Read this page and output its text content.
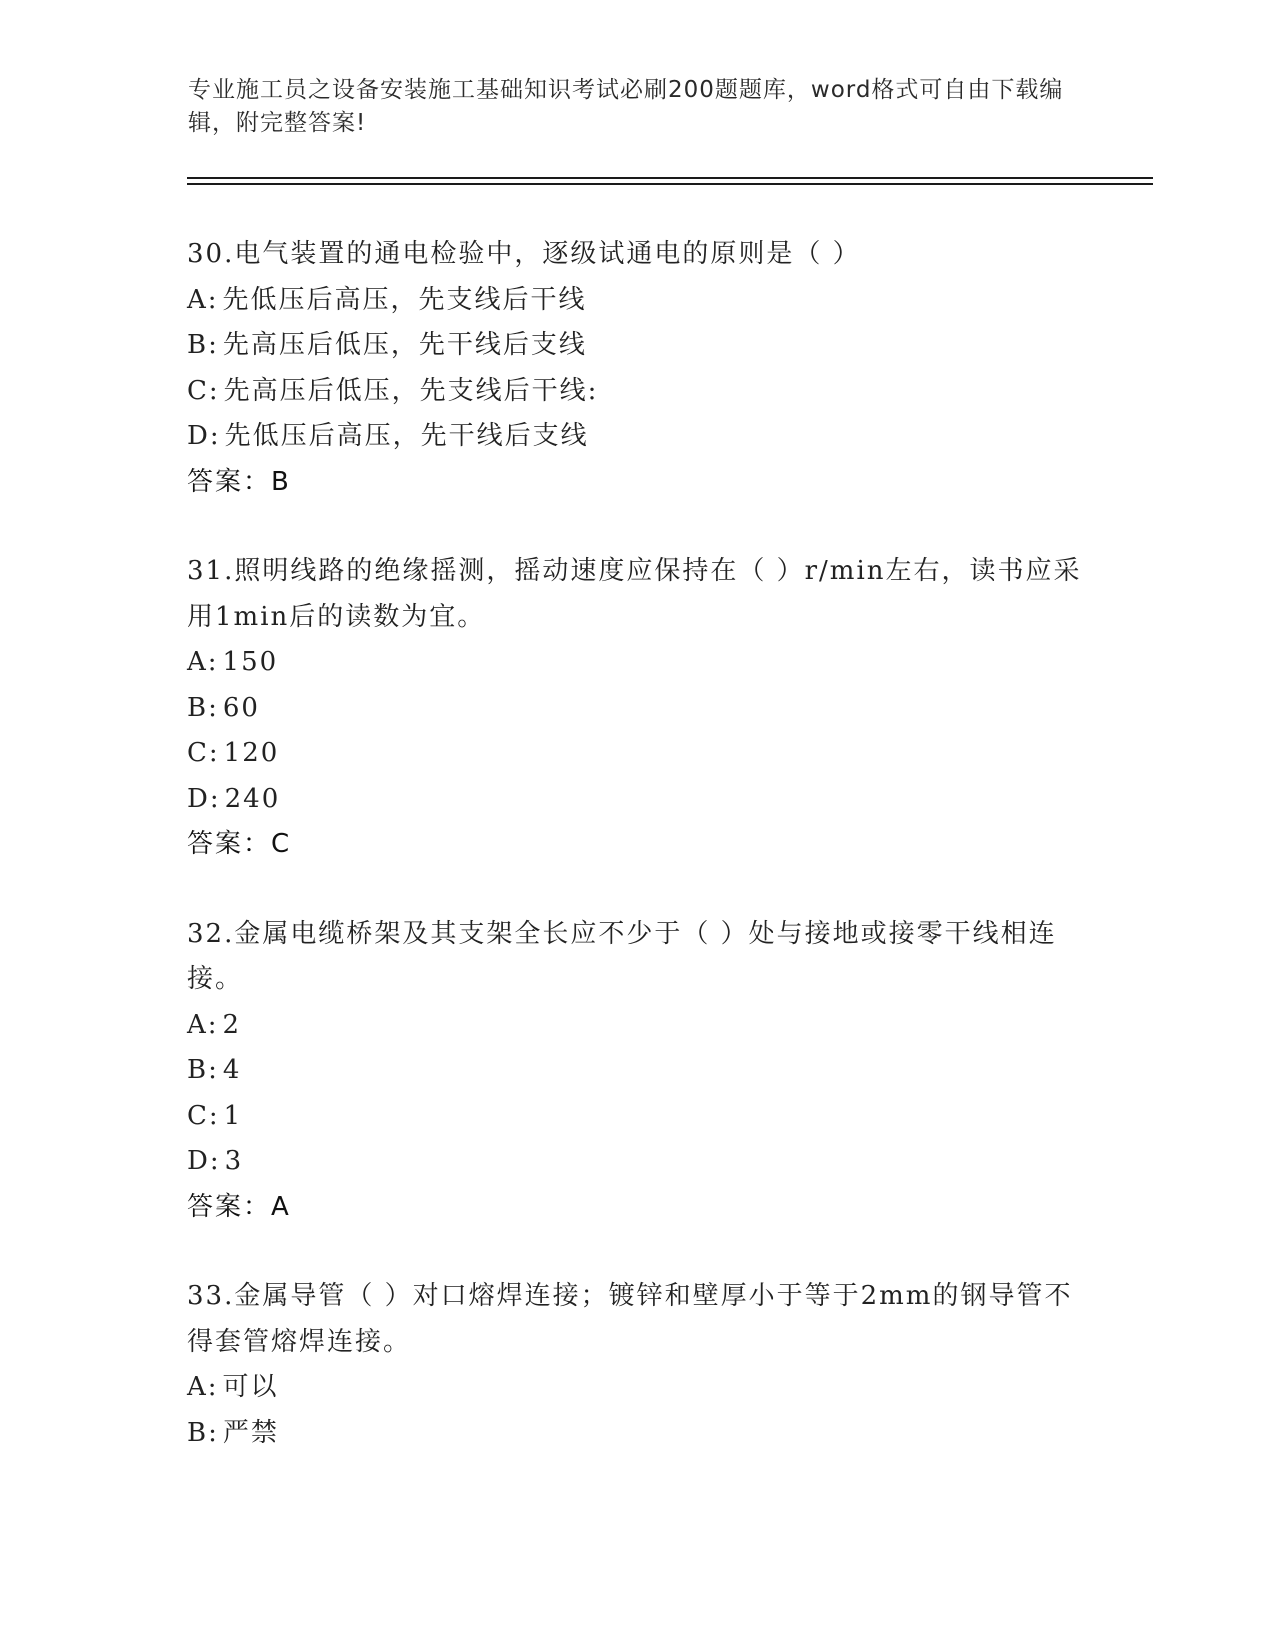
专业施工员之设备安装施工基础知识考试必刷200题题库，word格式可自由下载编辑，附完整答案!

30.电气装置的通电检验中，逐级试通电的原则是（ ）

A: 先低压后高压，先支线后干线

B: 先高压后低压，先干线后支线

C: 先高压后低压，先支线后干线:

D: 先低压后高压，先干线后支线

答案：B

31.照明线路的绝缘摇测，摇动速度应保持在（ ）r/min左右，读书应采用1min后的读数为宜。

A: 150

B: 60

C: 120

D: 240

答案：C

32.金属电缆桥架及其支架全长应不少于（ ）处与接地或接零干线相连接。

A: 2

B: 4

C: 1

D: 3

答案：A

33.金属导管（ ）对口熔焊连接；镀锌和壁厚小于等于2mm的钢导管不得套管熔焊连接。

A: 可以

B: 严禁
